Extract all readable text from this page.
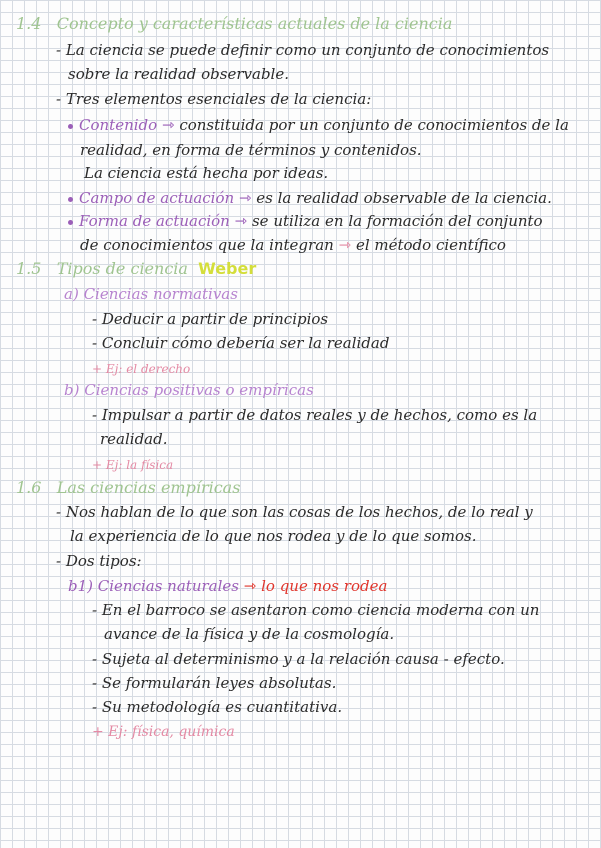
1.4 Concepto y características actuales de la ciencia
- La ciencia se puede definir como un conjunto de conocimientos
sobre la realidad observable.
- Tres elementos esenciales de la ciencia:
Contenido ⇾ constituida por un conjunto de conocimientos de la
realidad, en forma de términos y contenidos.
La ciencia está hecha por ideas.
Campo de actuación ⇾ es la realidad observable de la ciencia.
Forma de actuación ⇾ se utiliza en la formación del conjunto
de conocimientos que la integran ⇾ el método científico
1.5 Tipos de ciencia Weber
a) Ciencias normativas
- Deducir a partir de principios
- Concluir cómo debería ser la realidad
+ Ej: el derecho
b) Ciencias positivas o empíricas
- Impulsar a partir de datos reales y de hechos, como es la
realidad.
+ Ej: la física
1.6 Las ciencias empíricas
- Nos hablan de lo que son las cosas de los hechos, de lo real y
la experiencia de lo que nos rodea y de lo que somos.
- Dos tipos:
b1) Ciencias naturales ⇾ lo que nos rodea
- En el barroco se asentaron como ciencia moderna con un
avance de la física y de la cosmología.
- Sujeta al determinismo y a la relación causa - efecto.
- Se formularán leyes absolutas.
- Su metodología es cuantitativa.
+ Ej: física, química
